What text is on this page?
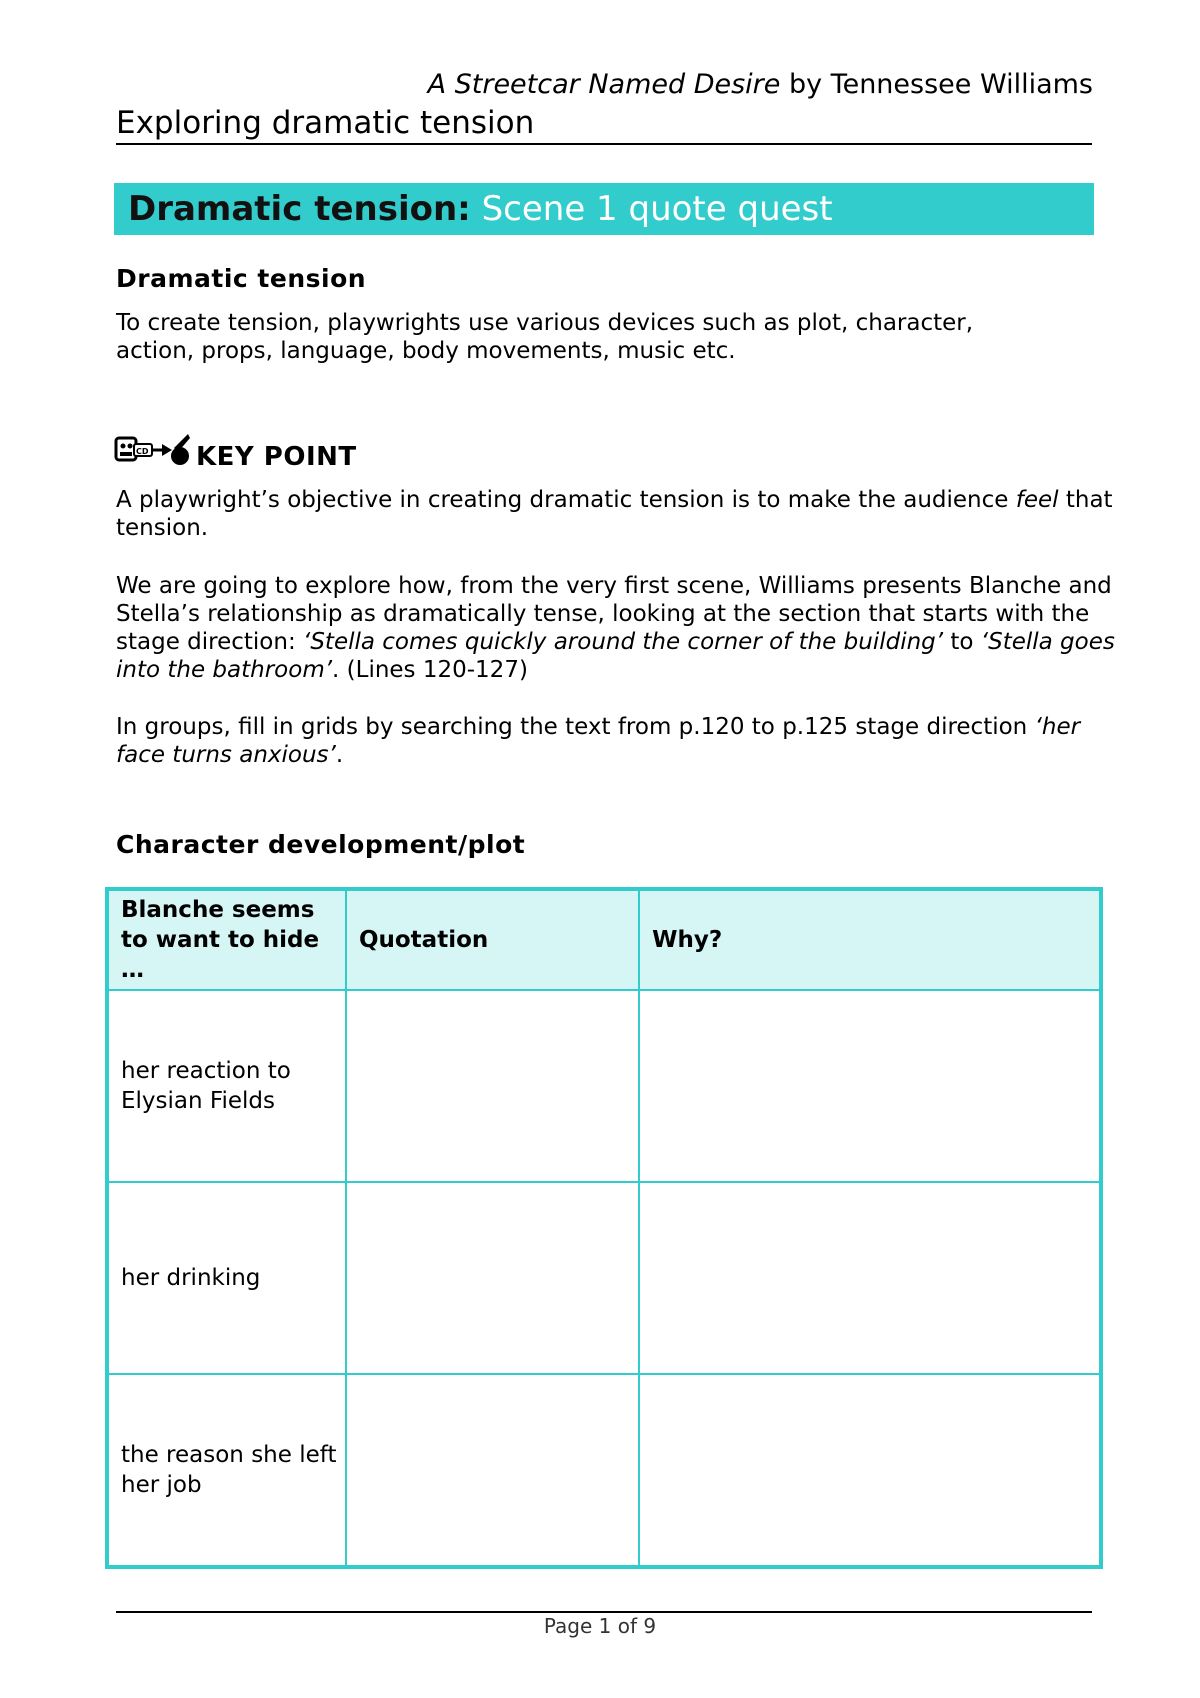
A Streetcar Named Desire by Tennessee Williams
Exploring dramatic tension
Dramatic tension: Scene 1 quote quest
Dramatic tension
To create tension, playwrights use various devices such as plot, character, action, props, language, body movements, music etc.
CD KEY POINT
A playwright’s objective in creating dramatic tension is to make the audience feel that tension.
We are going to explore how, from the very first scene, Williams presents Blanche and Stella’s relationship as dramatically tense, looking at the section that starts with the stage direction: ‘Stella comes quickly around the corner of the building’ to ‘Stella goes into the bathroom’. (Lines 120-127)
In groups, fill in grids by searching the text from p.120 to p.125 stage direction ‘her face turns anxious’.
Character development/plot
Blanche seems to want to hide …	Quotation	Why?
her reaction to Elysian Fields		
her drinking		
the reason she left her job		
Page 1 of 9
